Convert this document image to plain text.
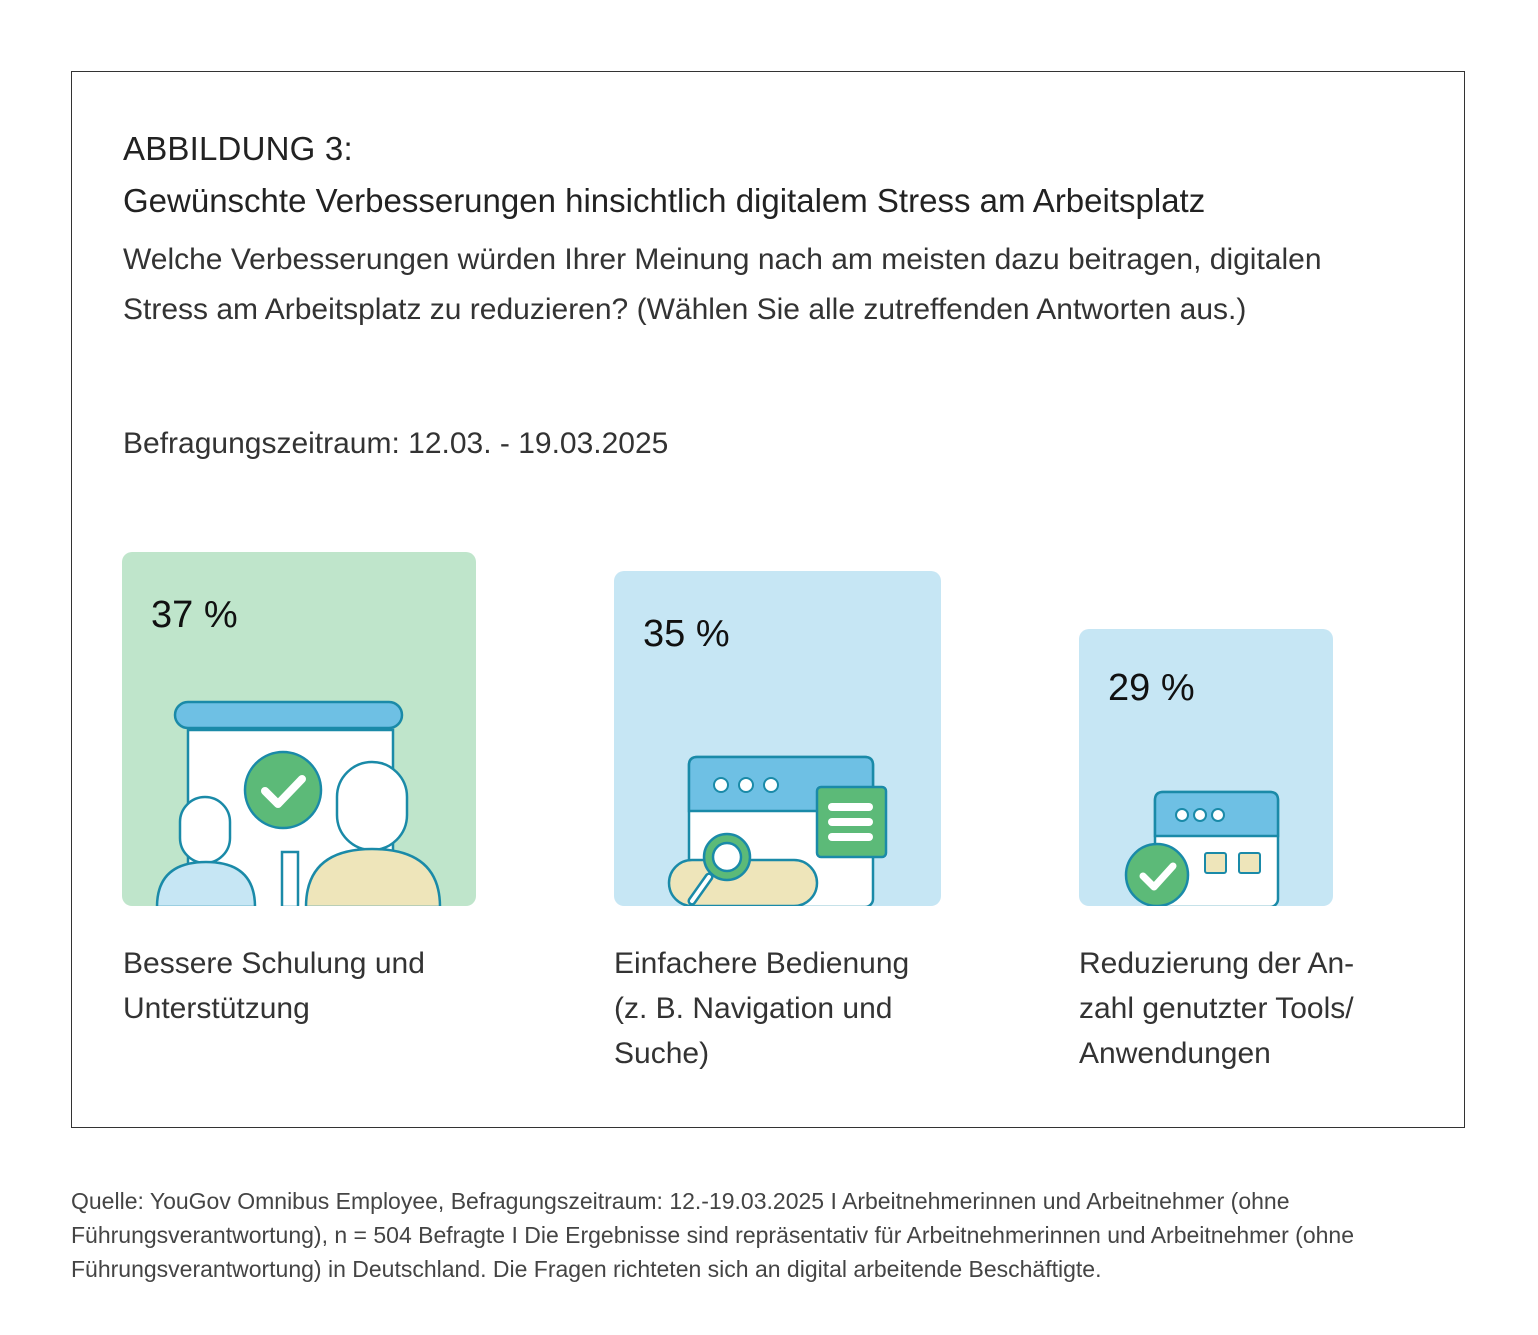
ABBILDUNG 3:
Gewünschte Verbesserungen hinsichtlich digitalem Stress am Arbeitsplatz
Welche Verbesserungen würden Ihrer Meinung nach am meisten dazu beitragen, digitalen Stress am Arbeitsplatz zu reduzieren? (Wählen Sie alle zutreffenden Antworten aus.)
Befragungszeitraum: 12.03. - 19.03.2025
37 %
Bessere Schulung und
Unterstützung
35 %
Einfachere Bedienung
(z. B. Navigation und
Suche)
29 %
Reduzierung der An-
zahl genutzter Tools/
Anwendungen
Quelle: YouGov Omnibus Employee, Befragungszeitraum: 12.-19.03.2025 I Arbeitnehmerinnen und Arbeitnehmer (ohne Führungsverantwortung), n = 504 Befragte I Die Ergebnisse sind repräsentativ für Arbeitnehmerinnen und Arbeitnehmer (ohne Führungsverantwortung) in Deutschland. Die Fragen richteten sich an digital arbeitende Beschäftigte.
